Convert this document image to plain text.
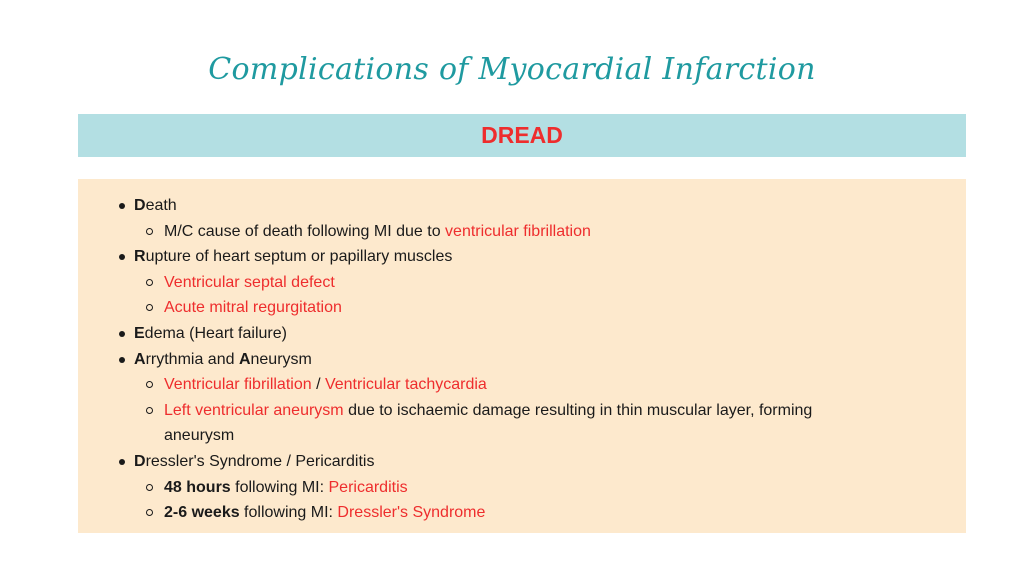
Complications of Myocardial Infarction
DREAD
Death
M/C cause of death following MI due to ventricular fibrillation
Rupture of heart septum or papillary muscles
Ventricular septal defect
Acute mitral regurgitation
Edema (Heart failure)
Arrythmia and Aneurysm
Ventricular fibrillation / Ventricular tachycardia
Left ventricular aneurysm due to ischaemic damage resulting in thin muscular layer, forming aneurysm
Dressler's Syndrome / Pericarditis
48 hours following MI: Pericarditis
2-6 weeks following MI: Dressler's Syndrome
